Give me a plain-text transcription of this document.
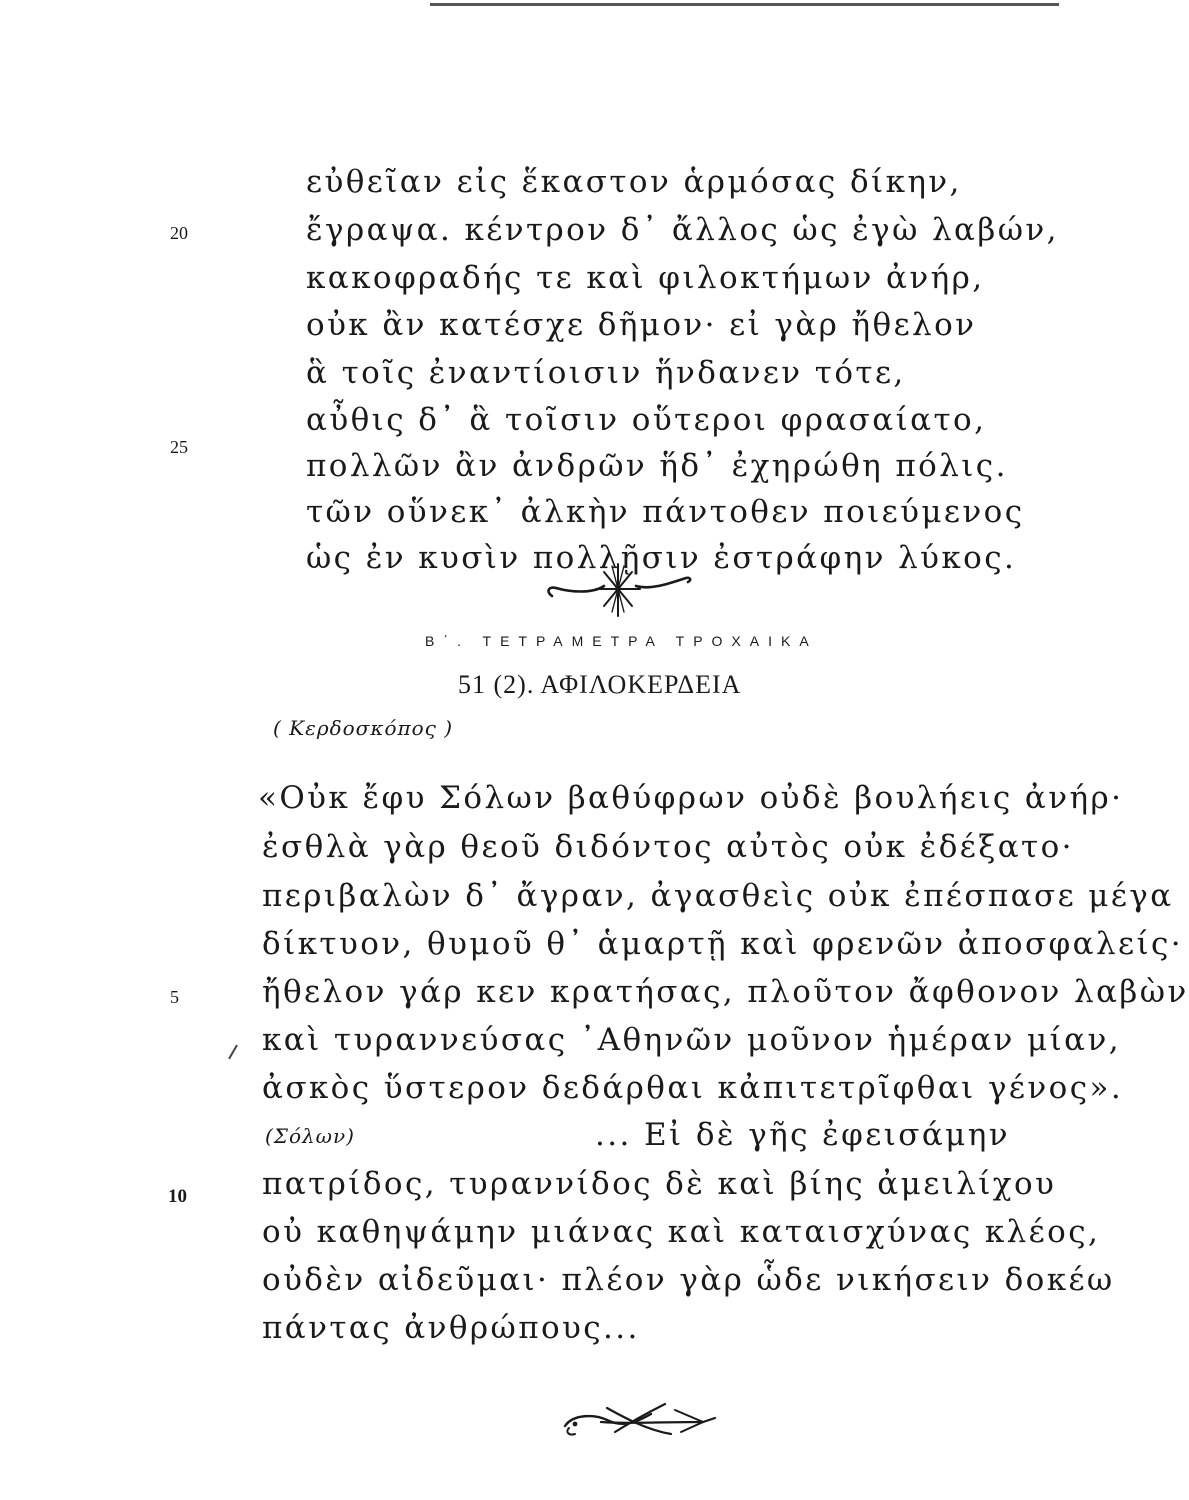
εὐθεῖαν εἰς ἕκαστον ἁρμόσας δίκην,
ἔγραψα. κέντρον δ᾽ ἄλλος ὡς ἐγὼ λαβών,
κακοφραδής τε καὶ φιλοκτήμων ἀνήρ,
οὐκ ἂν κατέσχε δῆμον· εἰ γὰρ ἤθελον
ἃ τοῖς ἐναντίοισιν ἥνδανεν τότε,
αὖθις δ᾽ ἃ τοῖσιν οὕτεροι φρασαίατο,
πολλῶν ἂν ἀνδρῶν ἥδ᾽ ἐχηρώθη πόλις.
τῶν οὕνεκ᾽ ἀλκὴν πάντοθεν ποιεύμενος
ὡς ἐν κυσὶν πολλῇσιν ἐστράφην λύκος.
20
25
Β΄. ΤΕΤΡΑΜΕΤΡΑ ΤΡΟΧΑΙΚΑ
51 (2). ΑΦΙΛΟΚΕΡΔΕΙΑ
( Κερδοσκόπος )
«Οὐκ ἔφυ Σόλων βαθύφρων οὐδὲ βουλήεις ἀνήρ·
ἐσθλὰ γὰρ θεοῦ διδόντος αὐτὸς οὐκ ἐδέξατο·
περιβαλὼν δ᾽ ἄγραν, ἀγασθεὶς οὐκ ἐπέσπασε μέγα
δίκτυον, θυμοῦ θ᾽ ἁμαρτῇ καὶ φρενῶν ἀποσφαλείς·
ἤθελον γάρ κεν κρατήσας, πλοῦτον ἄφθονον λαβὼν
καὶ τυραννεύσας ᾽Αθηνῶν μοῦνον ἡμέραν μίαν,
ἀσκὸς ὕστερον δεδάρθαι κἀπιτετρῖφθαι γένος».
(Σόλων)	... Εἰ δὲ γῆς ἐφεισάμην
πατρίδος, τυραννίδος δὲ καὶ βίης ἀμειλίχου
οὐ καθηψάμην μιάνας καὶ καταισχύνας κλέος,
οὐδὲν αἰδεῦμαι· πλέον γὰρ ὧδε νικήσειν δοκέω
πάντας ἀνθρώπους...
5
10
